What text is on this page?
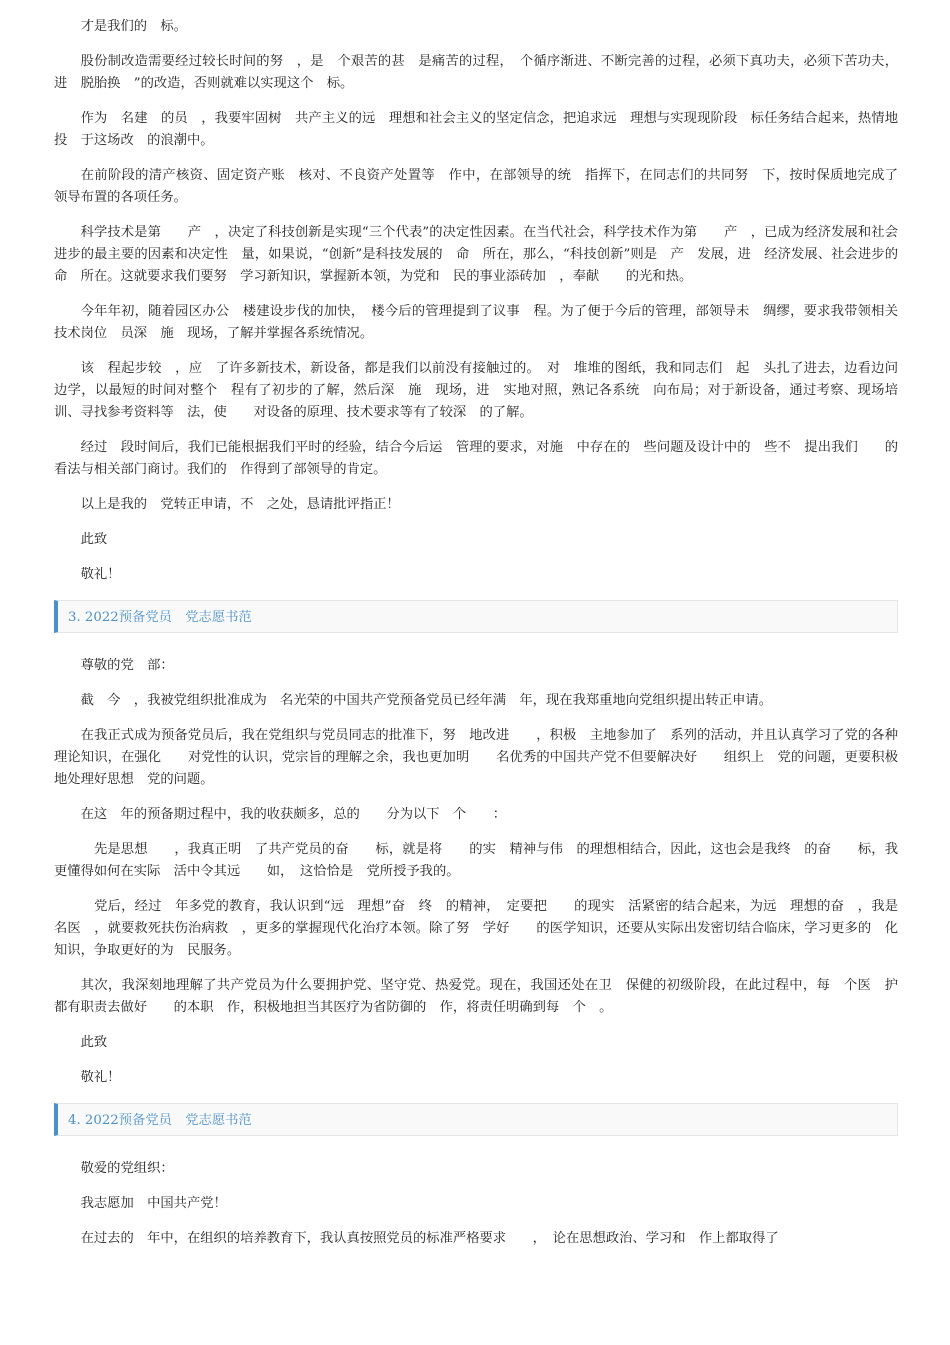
才是我们的　标。

股份制改造需要经过较长时间的努　，是　个艰苦的甚　是痛苦的过程，　个循序渐进、不断完善的过程，必须下真功夫，必须下苦功夫，进　脱胎换　”的改造，否则就难以实现这个　标。

作为　名建　的员　，我要牢固树　共产主义的远　理想和社会主义的坚定信念，把追求远　理想与实现现阶段　标任务结合起来，热情地投　于这场改　的浪潮中。

在前阶段的清产核资、固定资产账　核对、不良资产处置等　作中，在部领导的统　指挥下，在同志们的共同努　下，按时保质地完成了　领导布置的各项任务。

科学技术是第　　产　，决定了科技创新是实现“三个代表”的决定性因素。在当代社会，科学技术作为第　　产　，已成为经济发展和社会进步的最主要的因素和决定性　量，如果说，“创新”是科技发展的　命　所在，那么，“科技创新”则是　产　发展，进　经济发展、社会进步的　命　所在。这就要求我们要努　学习新知识，掌握新本领，为党和　民的事业添砖加　，奉献　　的光和热。

今年年初，随着园区办公　楼建设步伐的加快，　楼今后的管理提到了议事　程。为了便于今后的管理，部领导未　绸缪，要求我带领相关技术岗位　员深　施　现场，了解并掌握各系统情况。

该　程起步较　，应　了许多新技术，新设备，都是我们以前没有接触过的。　对　堆堆的图纸，我和同志们　起　头扎了进去，边看边问边学，以最短的时间对整个　程有了初步的了解，然后深　施　现场，进　实地对照，熟记各系统　向布局；对于新设备，通过考察、现场培训、寻找参考资料等　法，使　　对设备的原理、技术要求等有了较深　的了解。

经过　段时间后，我们已能根据我们平时的经验，结合今后运　管理的要求，对施　中存在的　些问题及设计中的　些不　提出我们　　的看法与相关部门商讨。我们的　作得到了部领导的肯定。

以上是我的　党转正申请，不　之处，恳请批评指正！

此致

敬礼！

3. 2022预备党员　党志愿书范

尊敬的党　部：

截　今　，我被党组织批准成为　名光荣的中国共产党预备党员已经年满　年，现在我郑重地向党组织提出转正申请。

在我正式成为预备党员后，我在党组织与党员同志的批准下，努　地改进　　，积极　主地参加了　系列的活动，并且认真学习了党的各种理论知识，在强化　　对党性的认识，党宗旨的理解之余，我也更加明　　名优秀的中国共产党不但要解决好　　组织上　党的问题，更要积极地处理好思想　党的问题。

在这　年的预备期过程中，我的收获颇多，总的　　分为以下　个　　：

　先是思想　　，我真正明　了共产党员的奋　　标，就是将　　的实　精神与伟　的理想相结合，因此，这也会是我终　的奋　　标，我更懂得如何在实际　活中令其远　　如，　这恰恰是　党所授予我的。

　党后，经过　年多党的教育，我认识到“远　理想”奋　终　的精神，　定要把　　的现实　活紧密的结合起来，为远　理想的奋　，我是　名医　，就要救死扶伤治病救　，更多的掌握现代化治疗本领。除了努　学好　　的医学知识，还要从实际出发密切结合临床，学习更多的　化知识，争取更好的为　民服务。

其次，我深刻地理解了共产党员为什么要拥护党、坚守党、热爱党。现在，我国还处在卫　保健的初级阶段，在此过程中，每　个医　护　都有职责去做好　　的本职　作，积极地担当其医疗为省防御的　作，将责任明确到每　个　。

此致

敬礼！

4. 2022预备党员　党志愿书范

敬爱的党组织：

我志愿加　中国共产党！

在过去的　年中，在组织的培养教育下，我认真按照党员的标准严格要求　　，　论在思想政治、学习和　作上都取得了
